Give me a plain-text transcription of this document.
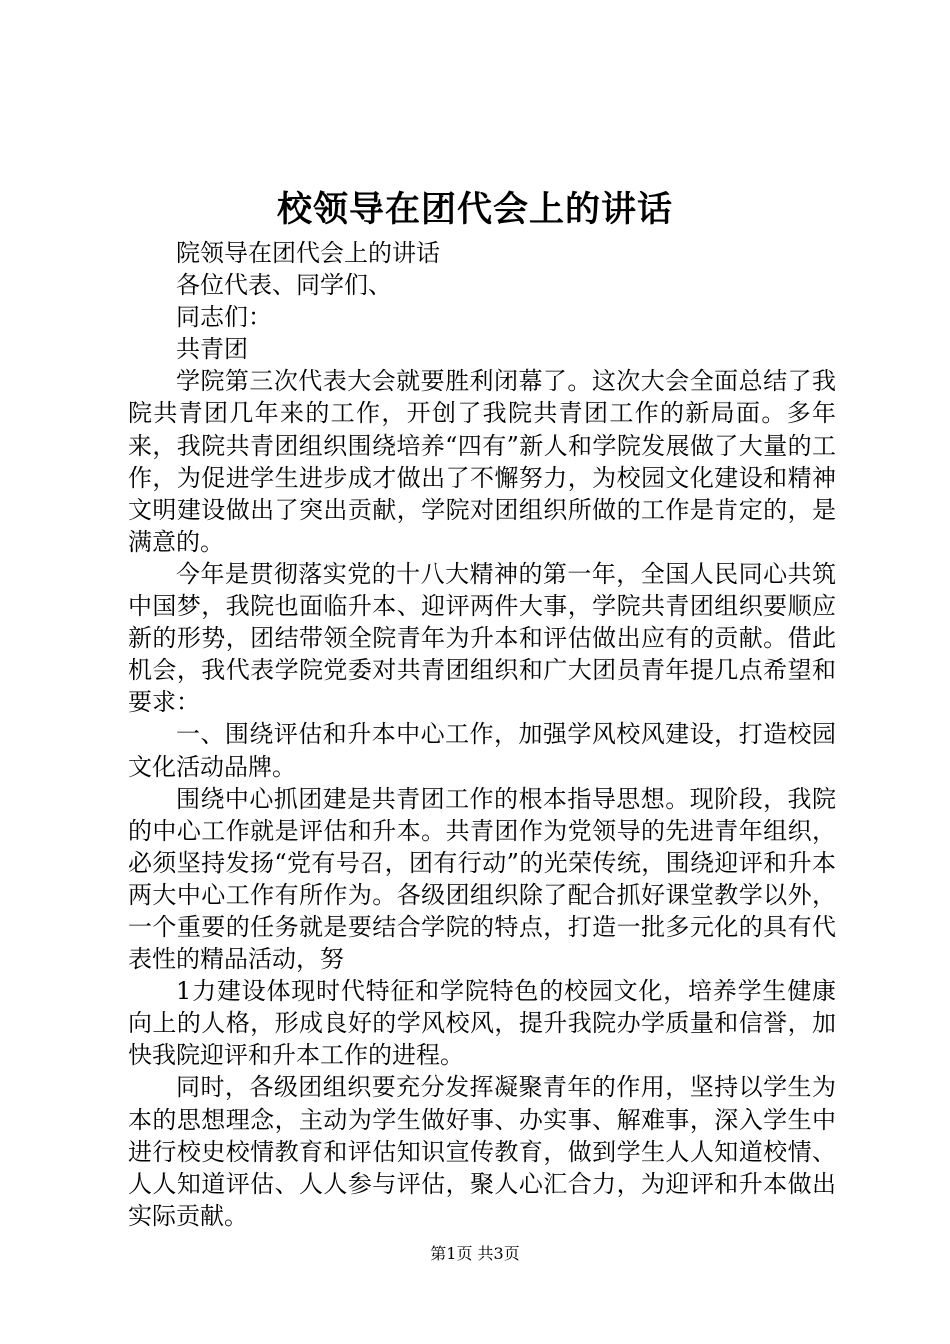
校领导在团代会上的讲话

院领导在团代会上的讲话

各位代表、同学们、

同志们：

共青团

学院第三次代表大会就要胜利闭幕了。这次大会全面总结了我院共青团几年来的工作，开创了我院共青团工作的新局面。多年来，我院共青团组织围绕培养“四有”新人和学院发展做了大量的工作，为促进学生进步成才做出了不懈努力，为校园文化建设和精神文明建设做出了突出贡献，学院对团组织所做的工作是肯定的，是满意的。

今年是贯彻落实党的十八大精神的第一年，全国人民同心共筑中国梦，我院也面临升本、迎评两件大事，学院共青团组织要顺应新的形势，团结带领全院青年为升本和评估做出应有的贡献。借此机会，我代表学院党委对共青团组织和广大团员青年提几点希望和要求：

一、围绕评估和升本中心工作，加强学风校风建设，打造校园文化活动品牌。

围绕中心抓团建是共青团工作的根本指导思想。现阶段，我院的中心工作就是评估和升本。共青团作为党领导的先进青年组织，必须坚持发扬“党有号召，团有行动”的光荣传统，围绕迎评和升本两大中心工作有所作为。各级团组织除了配合抓好课堂教学以外，一个重要的任务就是要结合学院的特点，打造一批多元化的具有代表性的精品活动，努

1力建设体现时代特征和学院特色的校园文化，培养学生健康向上的人格，形成良好的学风校风，提升我院办学质量和信誉，加快我院迎评和升本工作的进程。

同时，各级团组织要充分发挥凝聚青年的作用，坚持以学生为本的思想理念，主动为学生做好事、办实事、解难事，深入学生中进行校史校情教育和评估知识宣传教育，做到学生人人知道校情、人人知道评估、人人参与评估，聚人心汇合力，为迎评和升本做出实际贡献。

第1页 共3页
